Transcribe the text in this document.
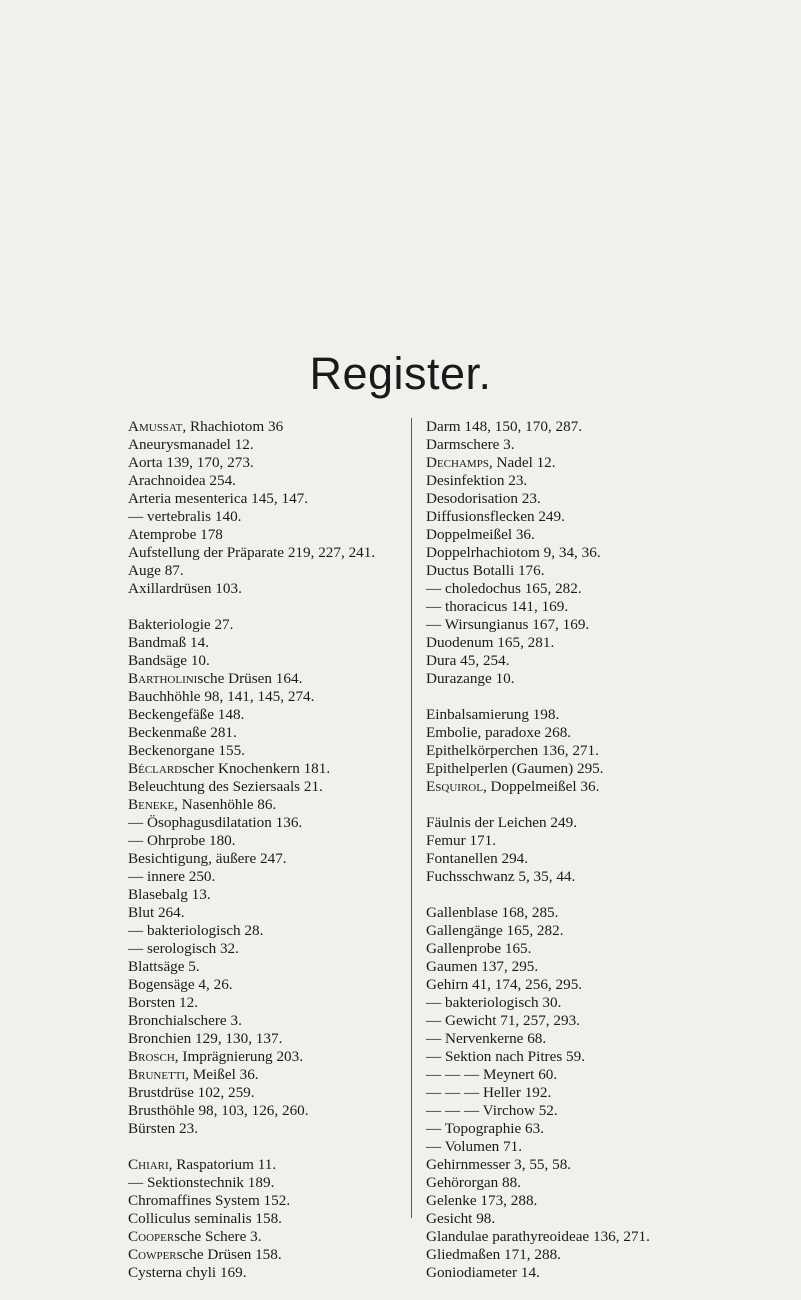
Register.
Amussat, Rhachiotom 36
Aneurysmanadel 12.
Aorta 139, 170, 273.
Arachnoidea 254.
Arteria mesenterica 145, 147.
— vertebralis 140.
Atemprobe 178
Aufstellung der Präparate 219, 227, 241.
Auge 87.
Axillardrüsen 103.
Bakteriologie 27.
Bandmaß 14.
Bandsäge 10.
Bartholinische Drüsen 164.
Bauchhöhle 98, 141, 145, 274.
Beckengefäße 148.
Beckenmaße 281.
Beckenorgane 155.
Béclardscher Knochenkern 181.
Beleuchtung des Seziersaals 21.
Beneke, Nasenhöhle 86.
— Ösophagusdilatation 136.
— Ohrprobe 180.
Besichtigung, äußere 247.
— innere 250.
Blasebalg 13.
Blut 264.
— bakteriologisch 28.
— serologisch 32.
Blattsäge 5.
Bogensäge 4, 26.
Borsten 12.
Bronchialschere 3.
Bronchien 129, 130, 137.
Brosch, Imprägnierung 203.
Brunetti, Meißel 36.
Brustdrüse 102, 259.
Brusthöhle 98, 103, 126, 260.
Bürsten 23.
Chiari, Raspatorium 11.
— Sektionstechnik 189.
Chromaffines System 152.
Colliculus seminalis 158.
Coopersche Schere 3.
Cowpersche Drüsen 158.
Cysterna chyli 169.
Darm 148, 150, 170, 287.
Darmschere 3.
Dechamps, Nadel 12.
Desinfektion 23.
Desodorisation 23.
Diffusionsflecken 249.
Doppelmeißel 36.
Doppelrhachiotom 9, 34, 36.
Ductus Botalli 176.
— choledochus 165, 282.
— thoracicus 141, 169.
— Wirsungianus 167, 169.
Duodenum 165, 281.
Dura 45, 254.
Durazange 10.
Einbalsamierung 198.
Embolie, paradoxe 268.
Epithelkörperchen 136, 271.
Epithelperlen (Gaumen) 295.
Esquirol, Doppelmeißel 36.
Fäulnis der Leichen 249.
Femur 171.
Fontanellen 294.
Fuchsschwanz 5, 35, 44.
Gallenblase 168, 285.
Gallengänge 165, 282.
Gallenprobe 165.
Gaumen 137, 295.
Gehirn 41, 174, 256, 295.
— bakteriologisch 30.
— Gewicht 71, 257, 293.
— Nervenkerne 68.
— Sektion nach Pitres 59.
— — — Meynert 60.
— — — Heller 192.
— — — Virchow 52.
— Topographie 63.
— Volumen 71.
Gehirnmesser 3, 55, 58.
Gehörorgan 88.
Gelenke 173, 288.
Gesicht 98.
Glandulae parathyreoideae 136, 271.
Gliedmaßen 171, 288.
Goniodiameter 14.
